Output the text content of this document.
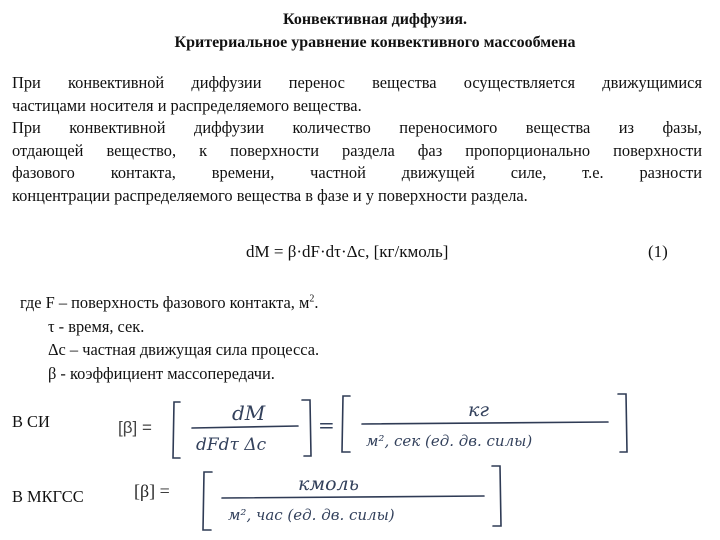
Конвективная диффузия.
Критериальное уравнение конвективного массообмена
При конвективной диффузии перенос вещества осуществляется движущимися
частицами носителя и распределяемого вещества.
При конвективной диффузии количество переносимого вещества из фазы,
отдающей вещество, к поверхности раздела фаз пропорционально поверхности
фазового контакта, времени, частной движущей силе, т.е. разности
концентрации распределяемого вещества в фазе и у поверхности раздела.
dM = β·dF·dτ·Δc, [кг/кмоль]	(1)
где F – поверхность фазового контакта, $м^2$.
τ - время, сек.
Δc – частная движущая сила процесса.
β - коэффициент массопередачи.
В СИ	[β] =
В МКГСС	[β] =
dM
dFdτ Δc
=
кг
м², сек (ед. дв. силы)
кмоль
м², час (ед. дв. силы)
